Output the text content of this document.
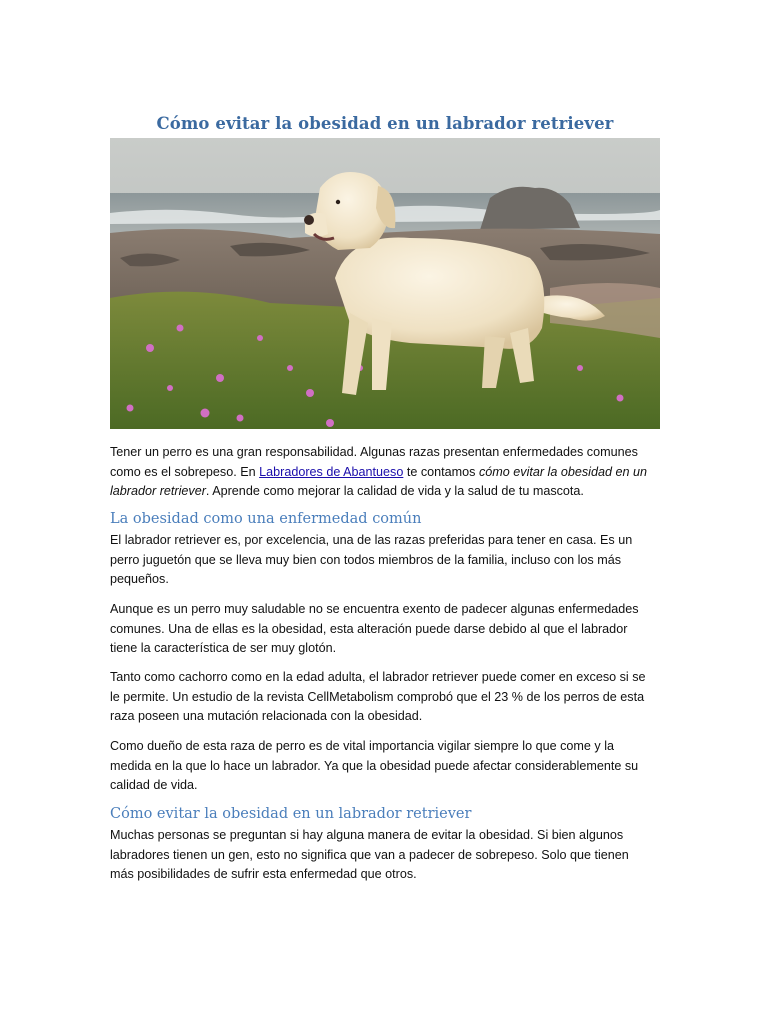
Cómo evitar la obesidad en un labrador retriever

Tener un perro es una gran responsabilidad. Algunas razas presentan enfermedades comunes como es el sobrepeso. En Labradores de Abantueso te contamos cómo evitar la obesidad en un labrador retriever. Aprende como mejorar la calidad de vida y la salud de tu mascota.

La obesidad como una enfermedad común

El labrador retriever es, por excelencia, una de las razas preferidas para tener en casa. Es un perro juguetón que se lleva muy bien con todos miembros de la familia, incluso con los más pequeños.

Aunque es un perro muy saludable no se encuentra exento de padecer algunas enfermedades comunes. Una de ellas es la obesidad, esta alteración puede darse debido al que el labrador tiene la característica de ser muy glotón.

Tanto como cachorro como en la edad adulta, el labrador retriever puede comer en exceso si se le permite. Un estudio de la revista CellMetabolism comprobó que el 23 % de los perros de esta raza poseen una mutación relacionada con la obesidad.

Como dueño de esta raza de perro es de vital importancia vigilar siempre lo que come y la medida en la que lo hace un labrador. Ya que la obesidad puede afectar considerablemente su calidad de vida.

Cómo evitar la obesidad en un labrador retriever

Muchas personas se preguntan si hay alguna manera de evitar la obesidad. Si bien algunos labradores tienen un gen, esto no significa que van a padecer de sobrepeso. Solo que tienen más posibilidades de sufrir esta enfermedad que otros.
